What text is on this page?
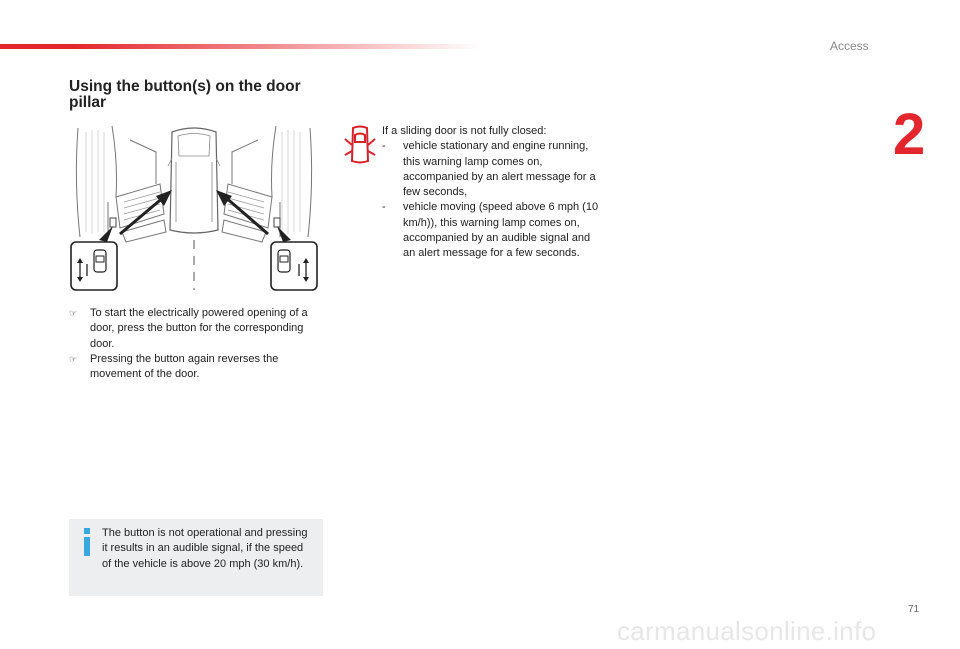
Access
2
Using the button(s) on the door
pillar
☞ To start the electrically powered opening of a door, press the button for the corresponding door.
☞ Pressing the button again reverses the movement of the door.
The button is not operational and pressing it results in an audible signal, if the speed of the vehicle is above 20 mph (30 km/h).
If a sliding door is not fully closed:
- vehicle stationary and engine running, this warning lamp comes on, accompanied by an alert message for a few seconds,
- vehicle moving (speed above 6 mph (10 km/h)), this warning lamp comes on, accompanied by an audible signal and an alert message for a few seconds.
71
carmanualsonline.info
